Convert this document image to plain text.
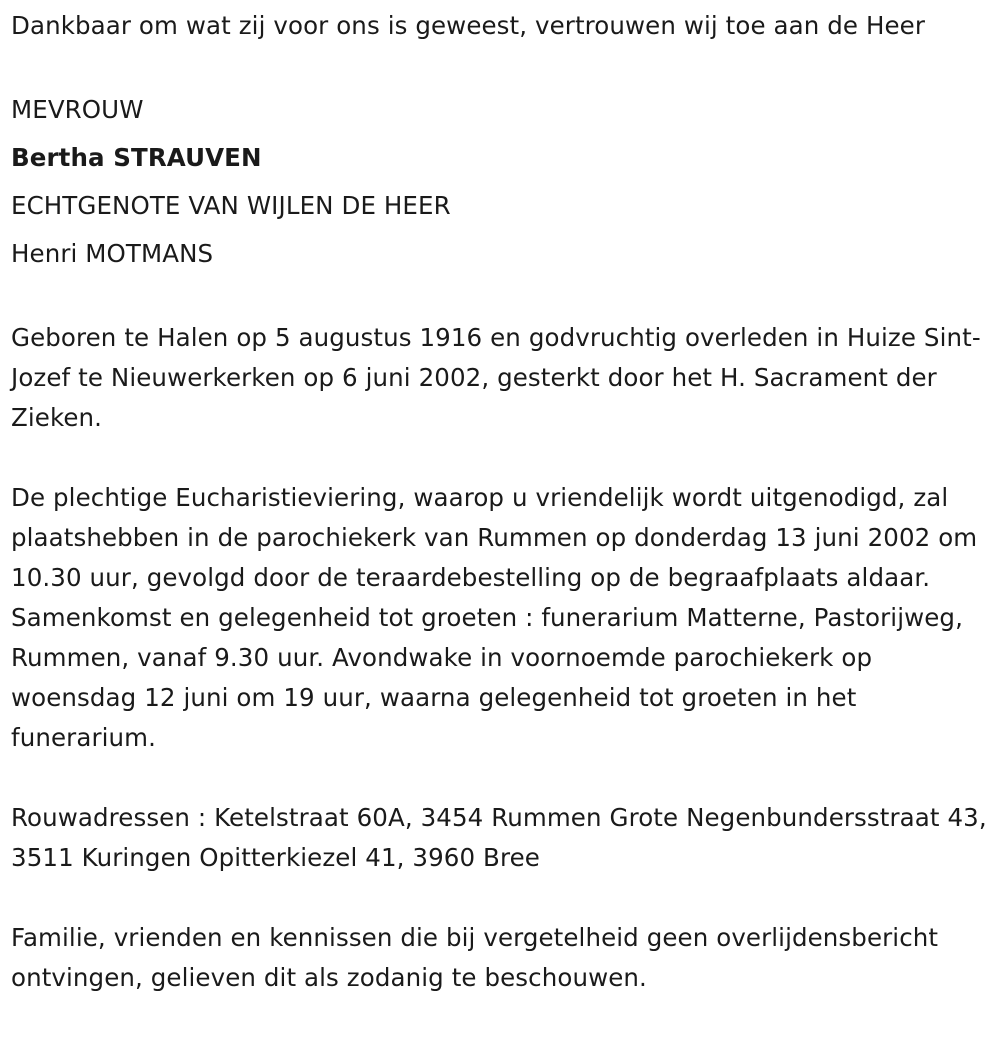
Dankbaar om wat zij voor ons is geweest, vertrouwen wij toe aan de Heer

MEVROUW

Bertha STRAUVEN

ECHTGENOTE VAN WIJLEN DE HEER

Henri MOTMANS

Geboren te Halen op 5 augustus 1916 en godvruchtig overleden in Huize Sint-Jozef te Nieuwerkerken op 6 juni 2002, gesterkt door het H. Sacrament der Zieken.

De plechtige Eucharistieviering, waarop u vriendelijk wordt uitgenodigd, zal plaatshebben in de parochiekerk van Rummen op donderdag 13 juni 2002 om 10.30 uur, gevolgd door de teraardebestelling op de begraafplaats aldaar. Samenkomst en gelegenheid tot groeten : funerarium Matterne, Pastorijweg, Rummen, vanaf 9.30 uur. Avondwake in voornoemde parochiekerk op woensdag 12 juni om 19 uur, waarna gelegenheid tot groeten in het funerarium.

Rouwadressen : Ketelstraat 60A, 3454 Rummen Grote Negenbundersstraat 43, 3511 Kuringen Opitterkiezel 41, 3960 Bree

Familie, vrienden en kennissen die bij vergetelheid geen overlijdensbericht ontvingen, gelieven dit als zodanig te beschouwen.
